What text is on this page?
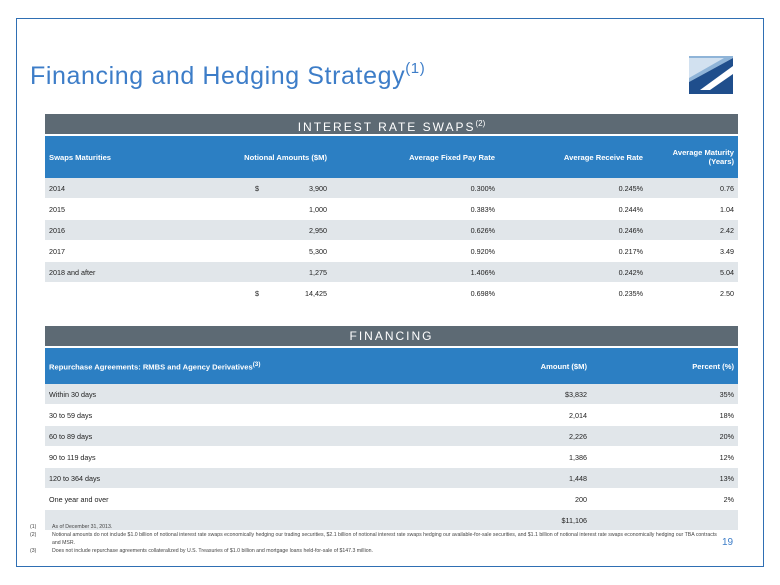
Financing and Hedging Strategy$^{(1)}$
INTEREST RATE SWAPS$^{(2)}$
Swaps Maturities	Notional Amounts ($M)	Average Fixed Pay Rate	Average Receive Rate	Average Maturity (Years)
2014	$ 3,900	0.300%	0.245%	0.76
2015	1,000	0.383%	0.244%	1.04
2016	2,950	0.626%	0.246%	2.42
2017	5,300	0.920%	0.217%	3.49
2018 and after	1,275	1.406%	0.242%	5.04

	$ 14,425	0.698%	0.235%	2.50
FINANCING
Repurchase Agreements: RMBS and Agency Derivatives$^{(3)}$	Amount ($M)	Percent (%)
Within 30 days	$3,832	35%
30 to 59 days	2,014	18%
60 to 89 days	2,226	20%
90 to 119 days	1,386	12%
120 to 364 days	1,448	13%
One year and over	200	2%
	$11,106	
(1)	As of December 31, 2013.
(2)	Notional amounts do not include $1.0 billion of notional interest rate swaps economically hedging our trading securities, $2.1 billion of notional interest rate swaps hedging our available-for-sale securities, and $1.1 billion of notional interest rate swaps economically hedging our TBA contracts and MSR.
(3)	Does not include repurchase agreements collateralized by U.S. Treasuries of $1.0 billion and mortgage loans held-for-sale of $147.3 million.
19
